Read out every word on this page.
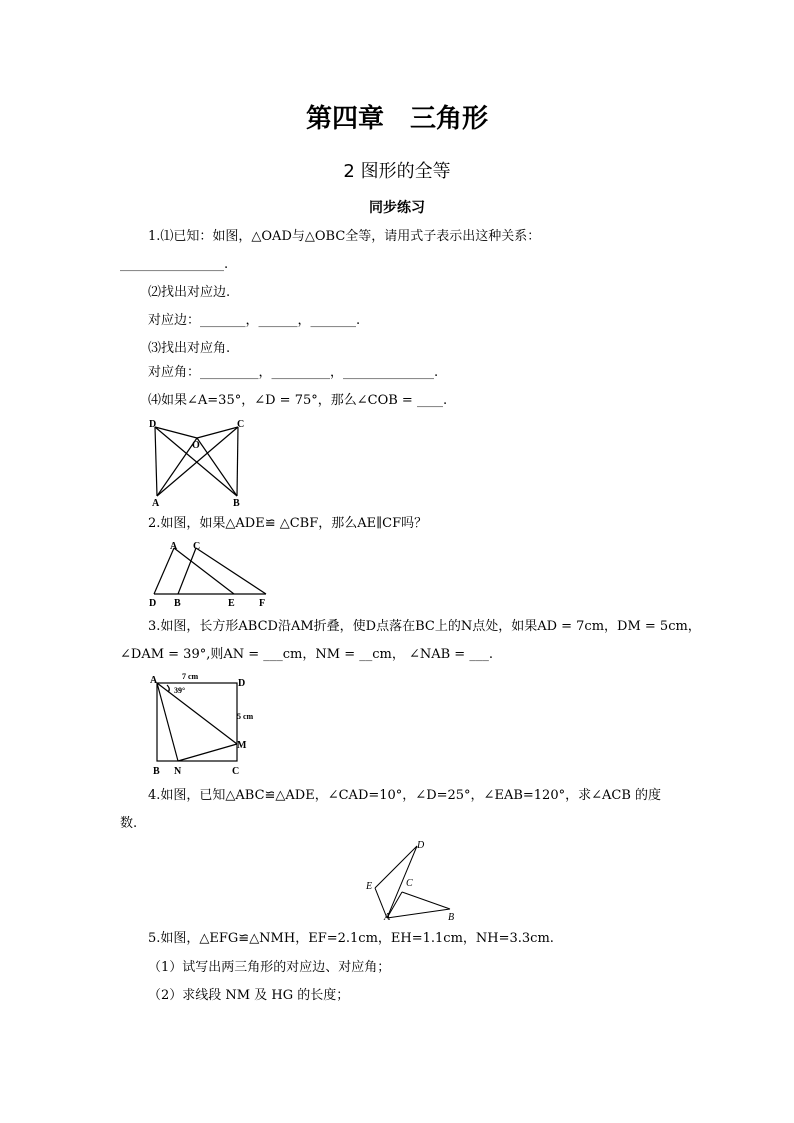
第四章　三角形
2 图形的全等
同步练习
1.⑴已知：如图，△OAD与△OBC全等，请用式子表示出这种关系：
________________.
⑵找出对应边.
对应边：_______，______，_______.
⑶找出对应角.
对应角：_________，_________，______________.
⑷如果∠A=35°，∠D = 75°，那么∠COB = ____.
D	C
O
A	B
2.如图，如果△ADE≌ △CBF，那么AE∥CF吗？
A C
D B	E F
3.如图，长方形ABCD沿AM折叠，使D点落在BC上的N点处，如果AD = 7cm，DM = 5cm，
∠DAM = 39°,则AN = ___cm，NM = __cm， ∠NAB = ___.
A	D
M
B N	C
7 cm
39°
5 cm
4.如图，已知△ABC≌△ADE，∠CAD=10°，∠D=25°，∠EAB=120°，求∠ACB 的度
数.
D
E	C
A	B
5.如图，△EFG≌△NMH，EF=2.1cm，EH=1.1cm，NH=3.3cm.
（1）试写出两三角形的对应边、对应角；
（2）求线段 NM 及 HG 的长度；
